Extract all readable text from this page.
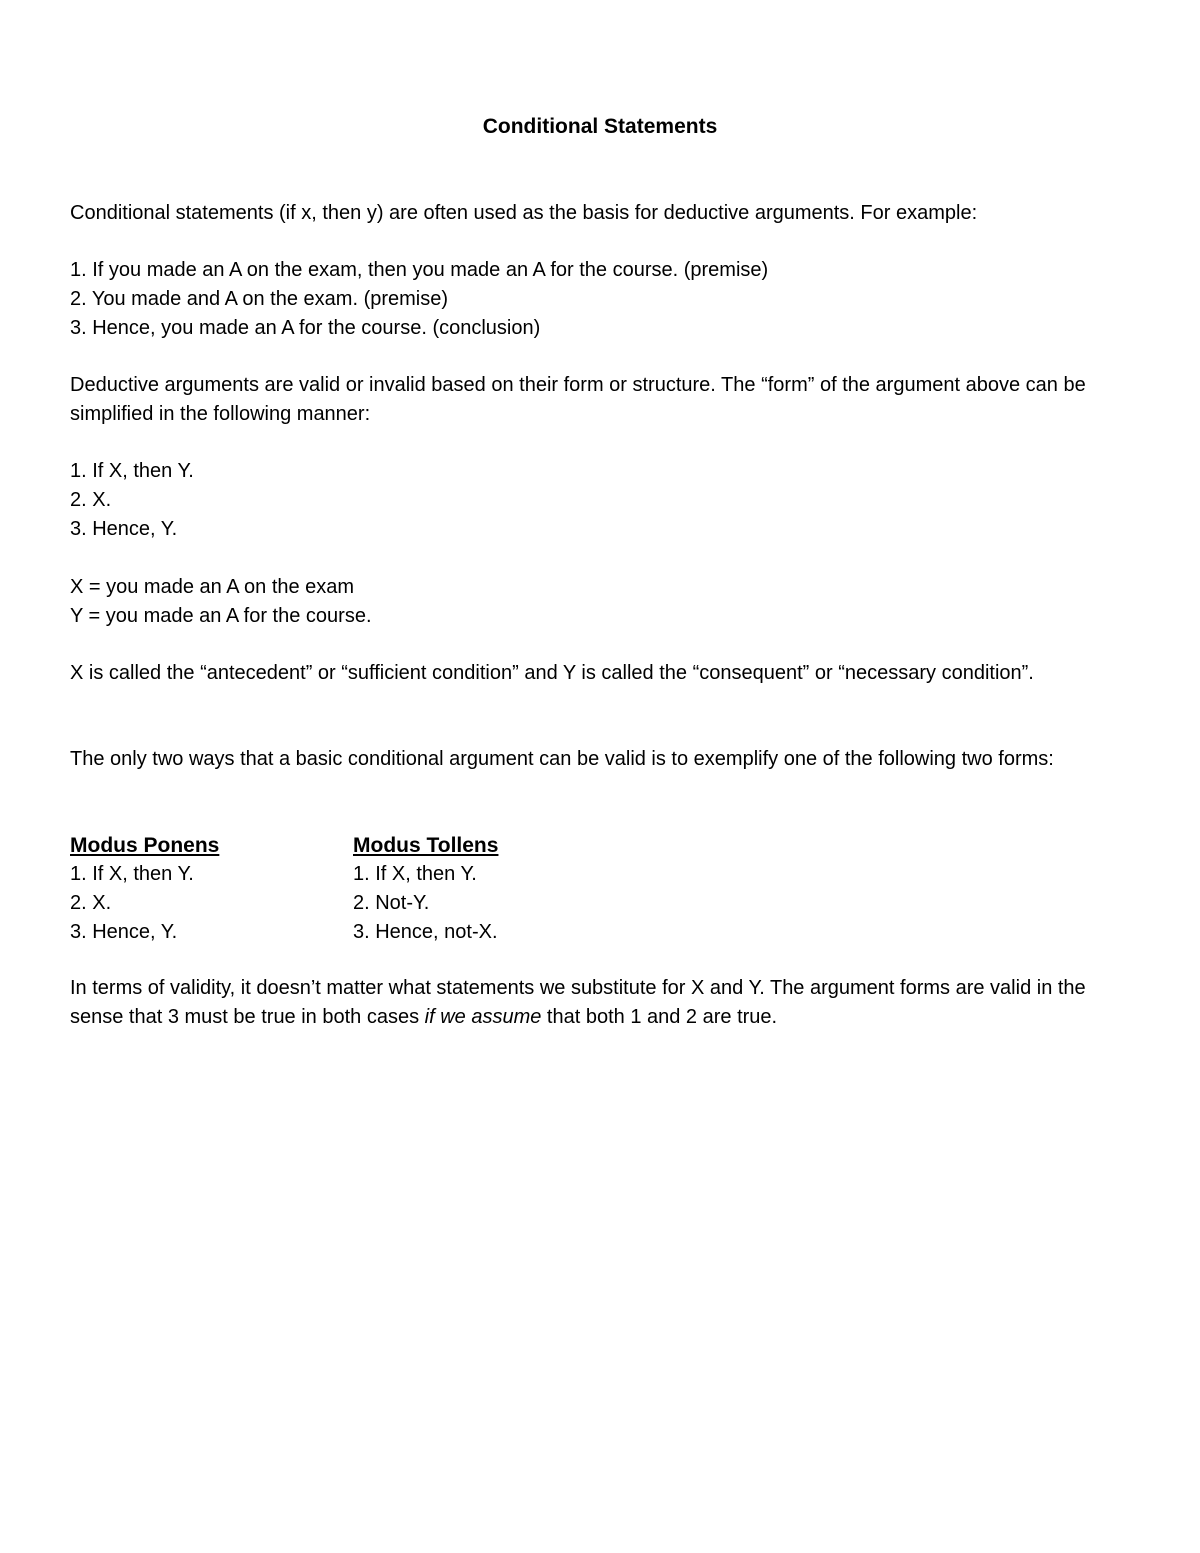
Conditional Statements

Conditional statements (if x, then y) are often used as the basis for deductive arguments. For example:

1. If you made an A on the exam, then you made an A for the course. (premise)
2. You made and A on the exam. (premise)
3. Hence, you made an A for the course. (conclusion)

Deductive arguments are valid or invalid based on their form or structure. The “form” of the argument above can be simplified in the following manner:

1. If X, then Y.
2. X.
3. Hence, Y.
X = you made an A on the exam
Y = you made an A for the course.

X is called the “antecedent” or “sufficient condition” and Y is called the “consequent” or “necessary condition”.

The only two ways that a basic conditional argument can be valid is to exemplify one of the following two forms:

Modus Ponens
1. If X, then Y.
2. X.
3. Hence, Y.
Modus Tollens
1. If X, then Y.
2. Not-Y.
3. Hence, not-X.

In terms of validity, it doesn’t matter what statements we substitute for X and Y. The argument forms are valid in the sense that 3 must be true in both cases if we assume that both 1 and 2 are true.
